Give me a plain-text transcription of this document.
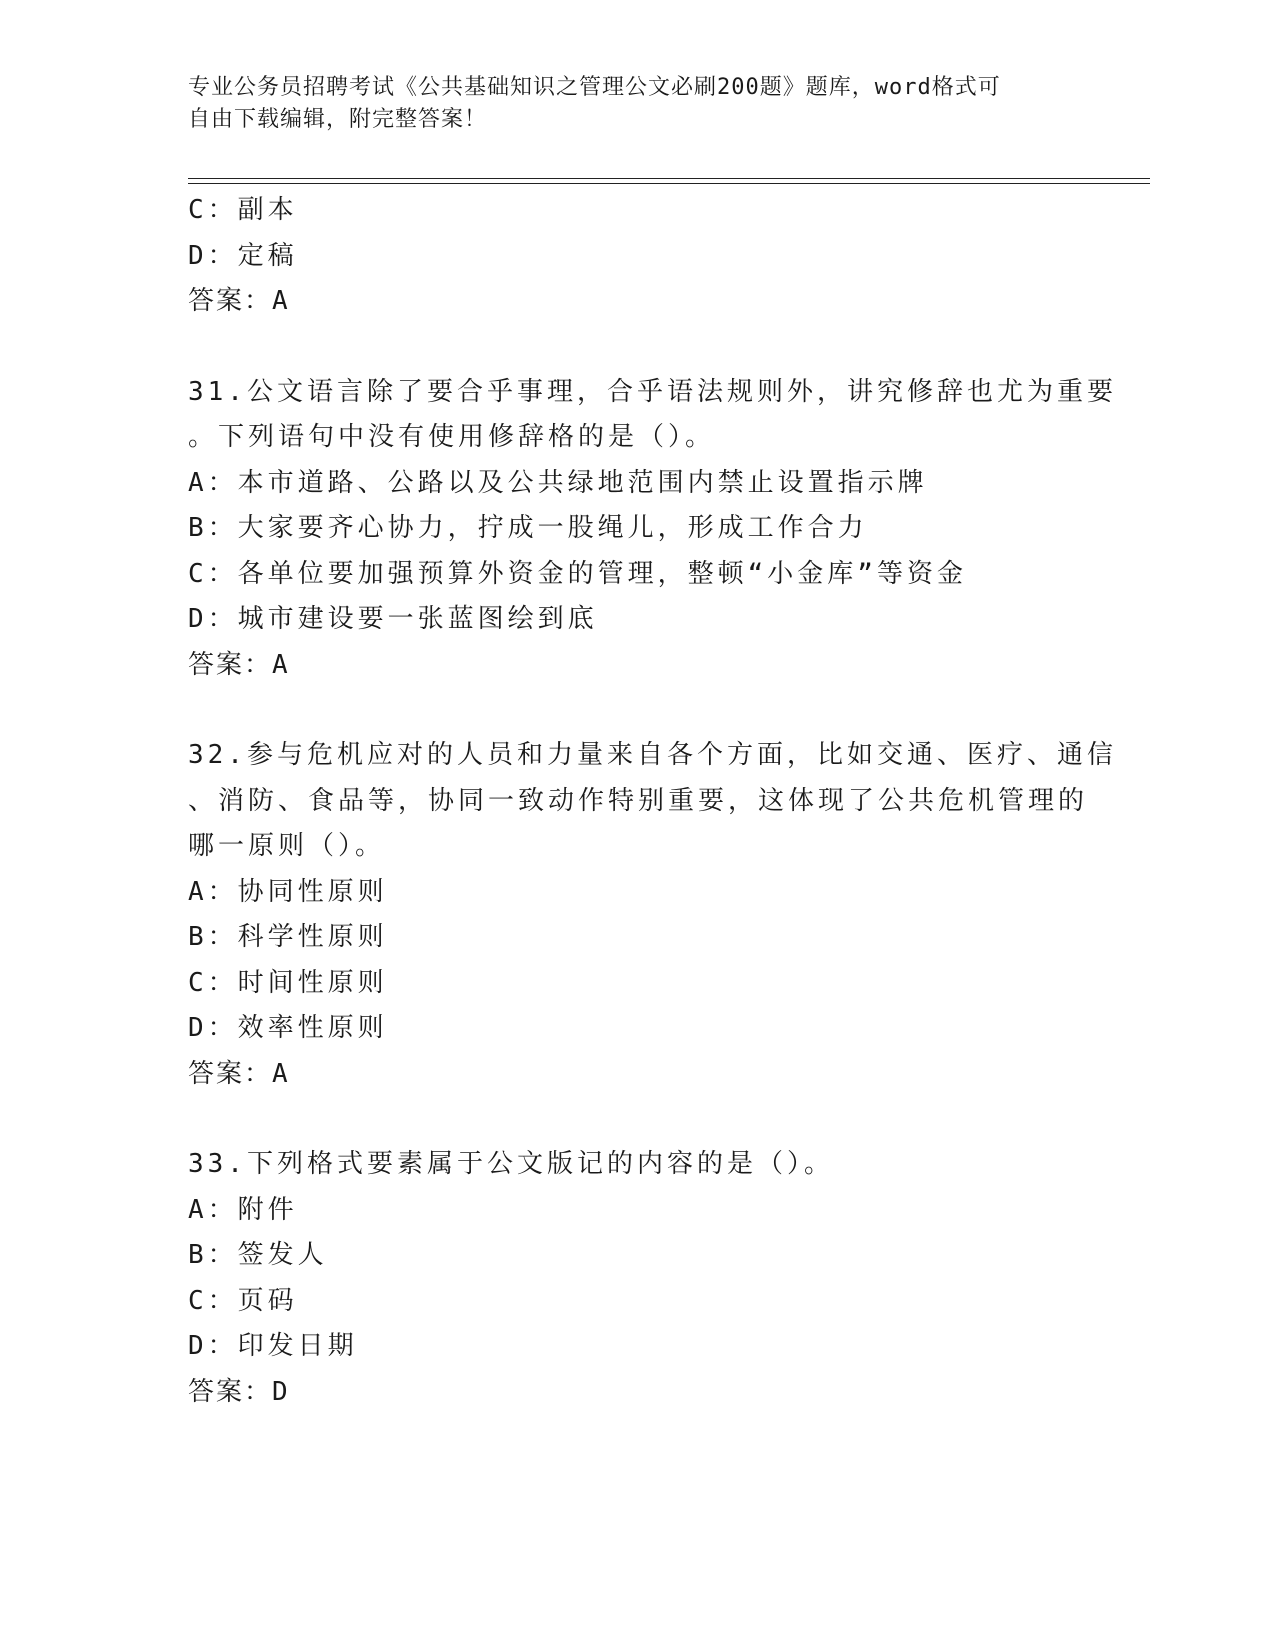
专业公务员招聘考试《公共基础知识之管理公文必刷200题》题库，word格式可
自由下载编辑，附完整答案！
C：副本
D：定稿
答案：A
31.公文语言除了要合乎事理，合乎语法规则外，讲究修辞也尤为重要
。下列语句中没有使用修辞格的是（）。
A：本市道路、公路以及公共绿地范围内禁止设置指示牌
B：大家要齐心协力，拧成一股绳儿，形成工作合力
C：各单位要加强预算外资金的管理，整顿“小金库”等资金
D：城市建设要一张蓝图绘到底
答案：A
32.参与危机应对的人员和力量来自各个方面，比如交通、医疗、通信
、消防、食品等，协同一致动作特别重要，这体现了公共危机管理的
哪一原则（）。
A：协同性原则
B：科学性原则
C：时间性原则
D：效率性原则
答案：A
33.下列格式要素属于公文版记的内容的是（）。
A：附件
B：签发人
C：页码
D：印发日期
答案：D
